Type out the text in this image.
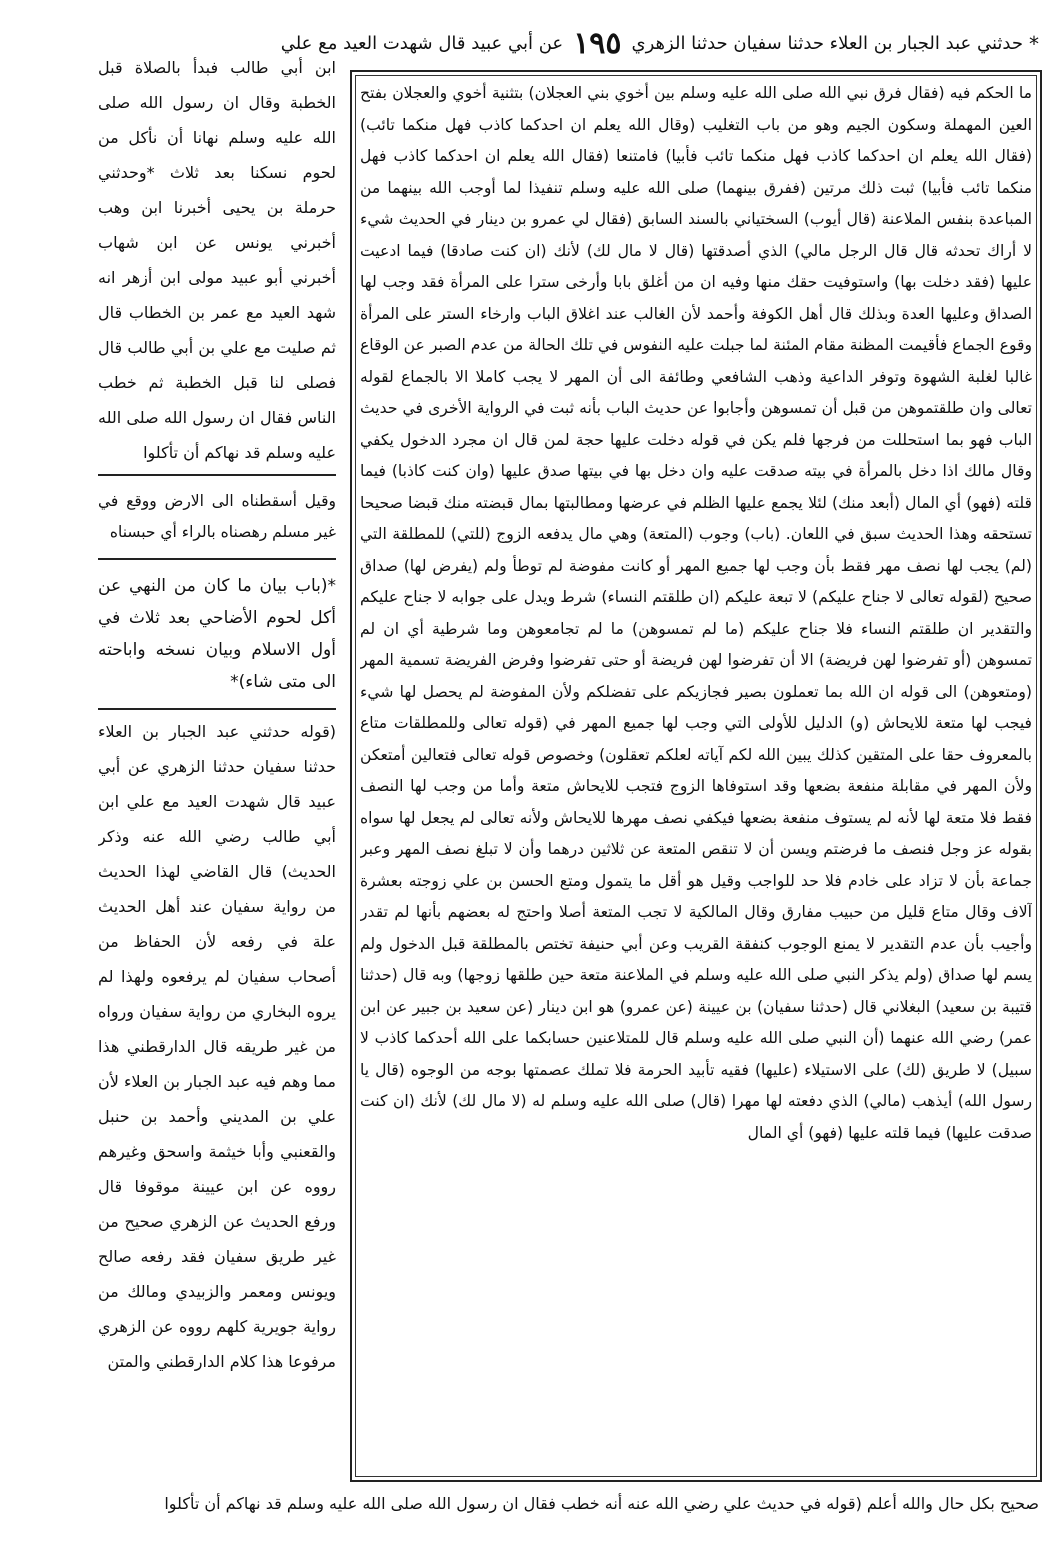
*
حدثني عبد الجبار بن العلاء حدثنا سفيان حدثنا الزهري
١٩٥
عن أبي عبيد قال شهدت العيد مع علي
ما الحكم فيه (فقال فرق نبي الله صلى الله عليه وسلم بين أخوي بني العجلان) بتثنية أخوي والعجلان بفتح العين المهملة وسكون الجيم وهو من باب التغليب (وقال الله يعلم ان احدكما كاذب فهل منكما تائب) (فقال الله يعلم ان احدكما كاذب فهل منكما تائب فأبيا) فامتنعا (فقال الله يعلم ان احدكما كاذب فهل منكما تائب فأبيا) ثبت ذلك مرتين (ففرق بينهما) صلى الله عليه وسلم تنفيذا لما أوجب الله بينهما من المباعدة بنفس الملاعنة (قال أيوب) السختياني بالسند السابق (فقال لي عمرو بن دينار في الحديث شيء لا أراك تحدثه قال قال الرجل مالي) الذي أصدقتها (قال لا مال لك) لأنك (ان كنت صادقا) فيما ادعيت عليها (فقد دخلت بها) واستوفيت حقك منها وفيه ان من أغلق بابا وأرخى سترا على المرأة فقد وجب لها الصداق وعليها العدة وبذلك قال أهل الكوفة وأحمد لأن الغالب عند اغلاق الباب وارخاء الستر على المرأة وقوع الجماع فأقيمت المظنة مقام المئنة لما جبلت عليه النفوس في تلك الحالة من عدم الصبر عن الوقاع غالبا لغلبة الشهوة وتوفر الداعية وذهب الشافعي وطائفة الى أن المهر لا يجب كاملا الا بالجماع لقوله تعالى وان طلقتموهن من قبل أن تمسوهن وأجابوا عن حديث الباب بأنه ثبت في الرواية الأخرى في حديث الباب فهو بما استحللت من فرجها فلم يكن في قوله دخلت عليها حجة لمن قال ان مجرد الدخول يكفي وقال مالك اذا دخل بالمرأة في بيته صدقت عليه وان دخل بها في بيتها صدق عليها (وان كنت كاذبا) فيما قلته (فهو) أي المال (أبعد منك) لئلا يجمع عليها الظلم في عرضها ومطالبتها بمال قبضته منك قبضا صحيحا تستحقه وهذا الحديث سبق في اللعان. (باب) وجوب (المتعة) وهي مال يدفعه الزوج (للتي) للمطلقة التي (لم) يجب لها نصف مهر فقط بأن وجب لها جميع المهر أو كانت مفوضة لم توطأ ولم (يفرض لها) صداق صحيح (لقوله تعالى لا جناح عليكم) لا تبعة عليكم (ان طلقتم النساء) شرط ويدل على جوابه لا جناح عليكم والتقدير ان طلقتم النساء فلا جناح عليكم (ما لم تمسوهن) ما لم تجامعوهن وما شرطية أي ان لم تمسوهن (أو تفرضوا لهن فريضة) الا أن تفرضوا لهن فريضة أو حتى تفرضوا وفرض الفريضة تسمية المهر (ومتعوهن) الى قوله ان الله بما تعملون بصير فجازيكم على تفضلكم ولأن المفوضة لم يحصل لها شيء فيجب لها متعة للايحاش (و) الدليل للأولى التي وجب لها جميع المهر في (قوله تعالى وللمطلقات متاع بالمعروف حقا على المتقين كذلك يبين الله لكم آياته لعلكم تعقلون) وخصوص قوله تعالى فتعالين أمتعكن ولأن المهر في مقابلة منفعة بضعها وقد استوفاها الزوج فتجب للايحاش متعة وأما من وجب لها النصف فقط فلا متعة لها لأنه لم يستوف منفعة بضعها فيكفي نصف مهرها للايحاش ولأنه تعالى لم يجعل لها سواه بقوله عز وجل فنصف ما فرضتم ويسن أن لا تنقص المتعة عن ثلاثين درهما وأن لا تبلغ نصف المهر وعبر جماعة بأن لا تزاد على خادم فلا حد للواجب وقيل هو أقل ما يتمول ومتع الحسن بن علي زوجته بعشرة آلاف وقال متاع قليل من حبيب مفارق وقال المالكية لا تجب المتعة أصلا واحتج له بعضهم بأنها لم تقدر وأجيب بأن عدم التقدير لا يمنع الوجوب كنفقة القريب وعن أبي حنيفة تختص بالمطلقة قبل الدخول ولم يسم لها صداق (ولم يذكر النبي صلى الله عليه وسلم في الملاعنة متعة حين طلقها زوجها) وبه قال (حدثنا قتيبة بن سعيد) البغلاني قال (حدثنا سفيان) بن عيينة (عن عمرو) هو ابن دينار (عن سعيد بن جبير عن ابن عمر) رضي الله عنهما (أن النبي صلى الله عليه وسلم قال للمتلاعنين حسابكما على الله أحدكما كاذب لا سبيل) لا طريق (لك) على الاستيلاء (عليها) فقيه تأبيد الحرمة فلا تملك عصمتها بوجه من الوجوه (قال يا رسول الله) أيذهب (مالي) الذي دفعته لها مهرا (قال) صلى الله عليه وسلم له (لا مال لك) لأنك (ان كنت صدقت عليها) فيما قلته عليها (فهو) أي المال

ابن أبي طالب فبدأ بالصلاة قبل الخطبة وقال ان رسول الله صلى الله عليه وسلم نهانا أن نأكل من لحوم نسكنا بعد ثلاث *وحدثني حرملة بن يحيى أخبرنا ابن وهب أخبرني يونس عن ابن شهاب أخبرني أبو عبيد مولى ابن أزهر انه شهد العيد مع عمر بن الخطاب قال ثم صليت مع علي بن أبي طالب قال فصلى لنا قبل الخطبة ثم خطب الناس فقال ان رسول الله صلى الله عليه وسلم قد نهاكم أن تأكلوا

وقيل أسقطناه الى الارض ووقع في غير مسلم رهصناه بالراء أي حبسناه

*(باب بيان ما كان من النهي عن أكل لحوم الأضاحي بعد ثلاث في أول الاسلام وبيان نسخه واباحته الى متى شاء)*

(قوله حدثني عبد الجبار بن العلاء حدثنا سفيان حدثنا الزهري عن أبي عبيد قال شهدت العيد مع علي ابن أبي طالب رضي الله عنه وذكر الحديث) قال القاضي لهذا الحديث من رواية سفيان عند أهل الحديث علة في رفعه لأن الحفاظ من أصحاب سفيان لم يرفعوه ولهذا لم يروه البخاري من رواية سفيان ورواه من غير طريقه قال الدارقطني هذا مما وهم فيه عبد الجبار بن العلاء لأن علي بن المديني وأحمد بن حنبل والقعنبي وأبا خيثمة واسحق وغيرهم رووه عن ابن عيينة موقوفا قال ورفع الحديث عن الزهري صحيح من غير طريق سفيان فقد رفعه صالح ويونس ومعمر والزبيدي ومالك من رواية جويرية كلهم رووه عن الزهري مرفوعا هذا كلام الدارقطني والمتن

صحيح بكل حال والله أعلم (قوله في حديث علي رضي الله عنه أنه خطب فقال ان رسول الله صلى الله عليه وسلم قد نهاكم أن تأكلوا
